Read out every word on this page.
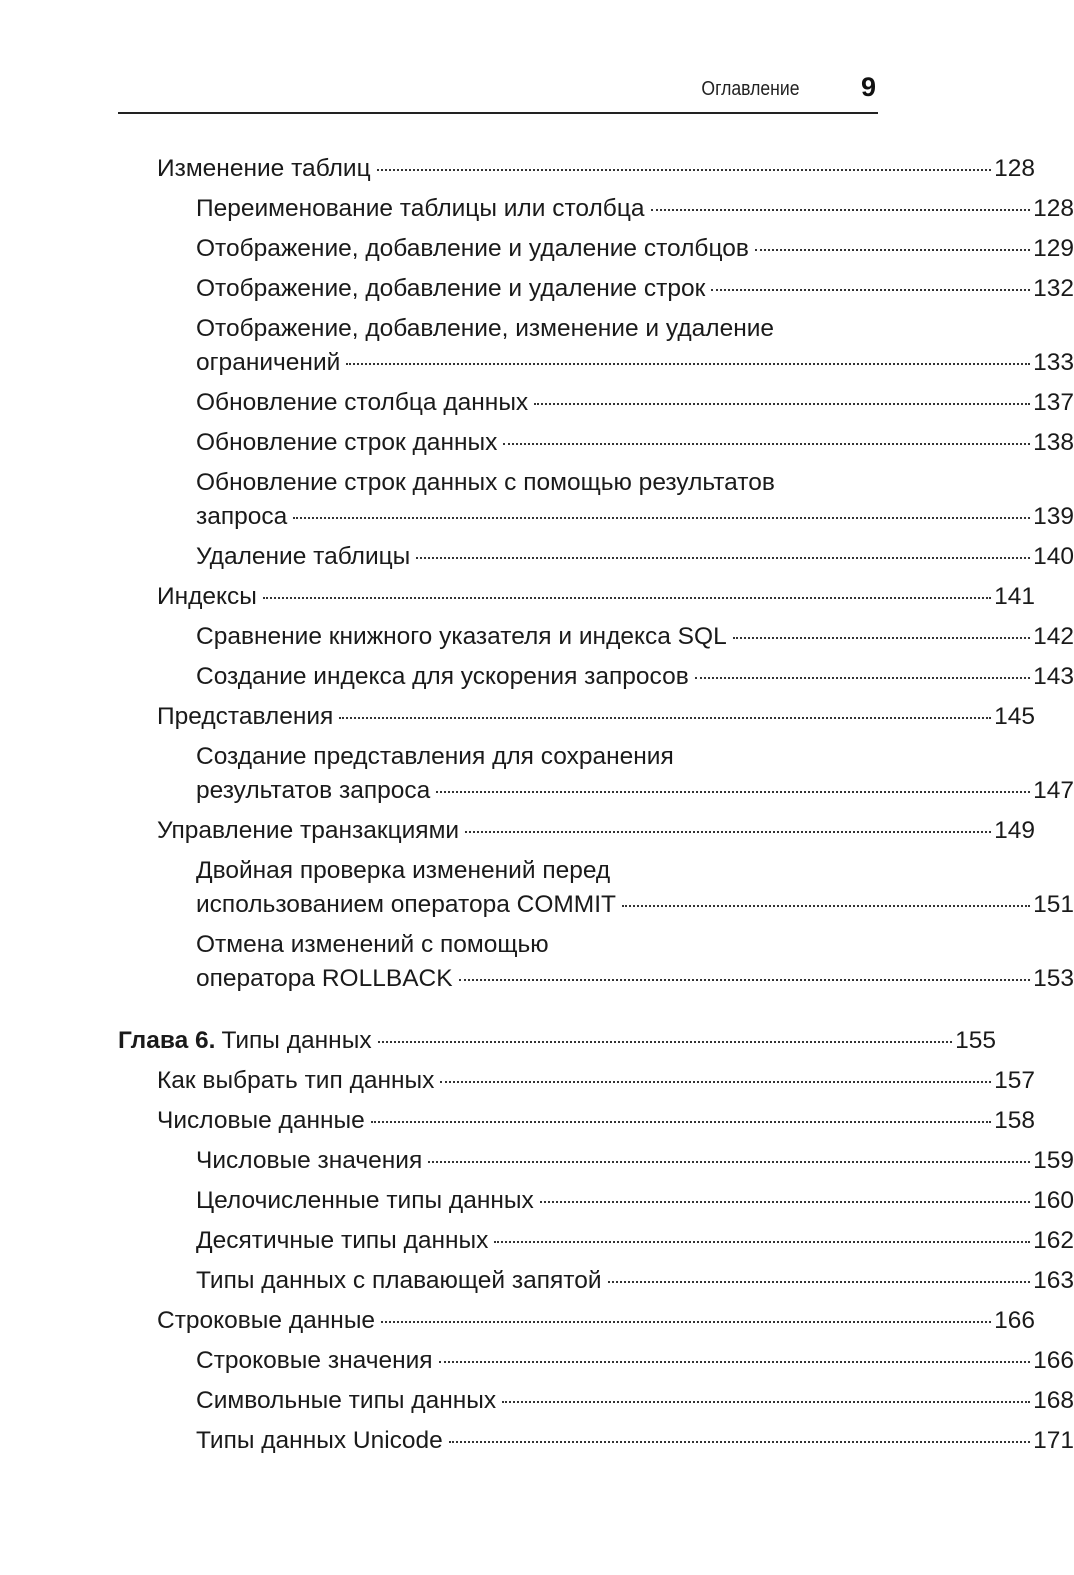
Оглавление 9
Изменение таблиц	128
Переименование таблицы или столбца	128
Отображение, добавление и удаление столбцов	129
Отображение, добавление и удаление строк	132
Отображение, добавление, изменение и удаление
ограничений	133
Обновление столбца данных	137
Обновление строк данных	138
Обновление строк данных с помощью результатов
запроса	139
Удаление таблицы	140
Индексы	141
Сравнение книжного указателя и индекса SQL	142
Создание индекса для ускорения запросов	143
Представления	145
Создание представления для сохранения
результатов запроса	147
Управление транзакциями	149
Двойная проверка изменений перед
использованием оператора COMMIT	151
Отмена изменений с помощью
оператора ROLLBACK	153
Глава 6. Типы данных	155
Как выбрать тип данных	157
Числовые данные	158
Числовые значения	159
Целочисленные типы данных	160
Десятичные типы данных	162
Типы данных с плавающей запятой	163
Строковые данные	166
Строковые значения	166
Символьные типы данных	168
Типы данных Unicode	171
